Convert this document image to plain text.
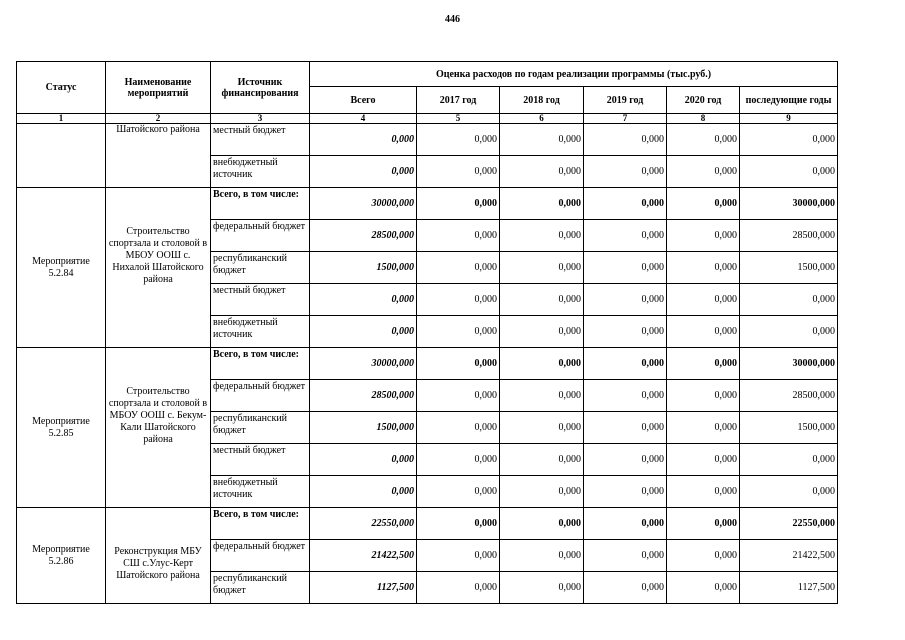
446
Статус	Наименование мероприятий	Источник финансирования	Оценка расходов по годам реализации программы (тыс.руб.)					
			Всего	2017 год	2018 год	2019 год	2020 год	последующие годы
1	2	3	4	5	6	7	8	9
	Шатойского района	местный бюджет	0,000	0,000	0,000	0,000	0,000	0,000
		внебюджетный источник	0,000	0,000	0,000	0,000	0,000	0,000
Мероприятие 5.2.84	Строительство спортзала и столовой в МБОУ ООШ с. Нихалой Шатойского района	Всего, в том числе:	30000,000	0,000	0,000	0,000	0,000	30000,000
		федеральный бюджет	28500,000	0,000	0,000	0,000	0,000	28500,000
		республиканский бюджет	1500,000	0,000	0,000	0,000	0,000	1500,000
		местный бюджет	0,000	0,000	0,000	0,000	0,000	0,000
		внебюджетный источник	0,000	0,000	0,000	0,000	0,000	0,000
Мероприятие 5.2.85	Строительство спортзала и столовой в МБОУ ООШ с. Бекум-Кали Шатойского района	Всего, в том числе:	30000,000	0,000	0,000	0,000	0,000	30000,000
		федеральный бюджет	28500,000	0,000	0,000	0,000	0,000	28500,000
		республиканский бюджет	1500,000	0,000	0,000	0,000	0,000	1500,000
		местный бюджет	0,000	0,000	0,000	0,000	0,000	0,000
		внебюджетный источник	0,000	0,000	0,000	0,000	0,000	0,000
Мероприятие 5.2.86	Реконструкция МБУ СШ с.Улус-Керт Шатойского района	Всего, в том числе:	22550,000	0,000	0,000	0,000	0,000	22550,000
		федеральный бюджет	21422,500	0,000	0,000	0,000	0,000	21422,500
		республиканский бюджет	1127,500	0,000	0,000	0,000	0,000	1127,500
